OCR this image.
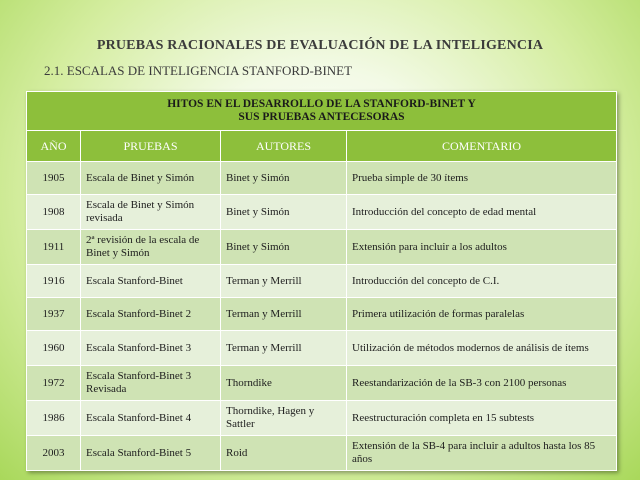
PRUEBAS RACIONALES DE EVALUACIÓN DE LA INTELIGENCIA
2.1. ESCALAS DE INTELIGENCIA STANFORD-BINET
HITOS EN EL DESARROLLO DE LA STANFORD-BINET Y
SUS PRUEBAS ANTECESORAS			
AÑO	PRUEBAS	AUTORES	COMENTARIO
1905	Escala de Binet y Simón	Binet y Simón	Prueba simple de 30 ítems
1908	Escala de Binet y Simón revisada	Binet y Simón	Introducción del concepto de edad mental
1911	2ª revisión de la escala de Binet y Simón	Binet y Simón	Extensión para incluir a los adultos
1916	Escala Stanford-Binet	Terman y Merrill	Introducción del concepto de C.I.
1937	Escala Stanford-Binet 2	Terman y Merrill	Primera utilización de formas paralelas
1960	Escala Stanford-Binet 3	Terman y Merrill	Utilización de métodos modernos de análisis de ítems
1972	Escala Stanford-Binet 3 Revisada	Thorndike	Reestandarización de la SB-3 con 2100 personas
1986	Escala Stanford-Binet 4	Thorndike, Hagen y Sattler	Reestructuración completa en 15 subtests
2003	Escala Stanford-Binet 5	Roid	Extensión de la SB-4 para incluir a adultos hasta los 85 años
